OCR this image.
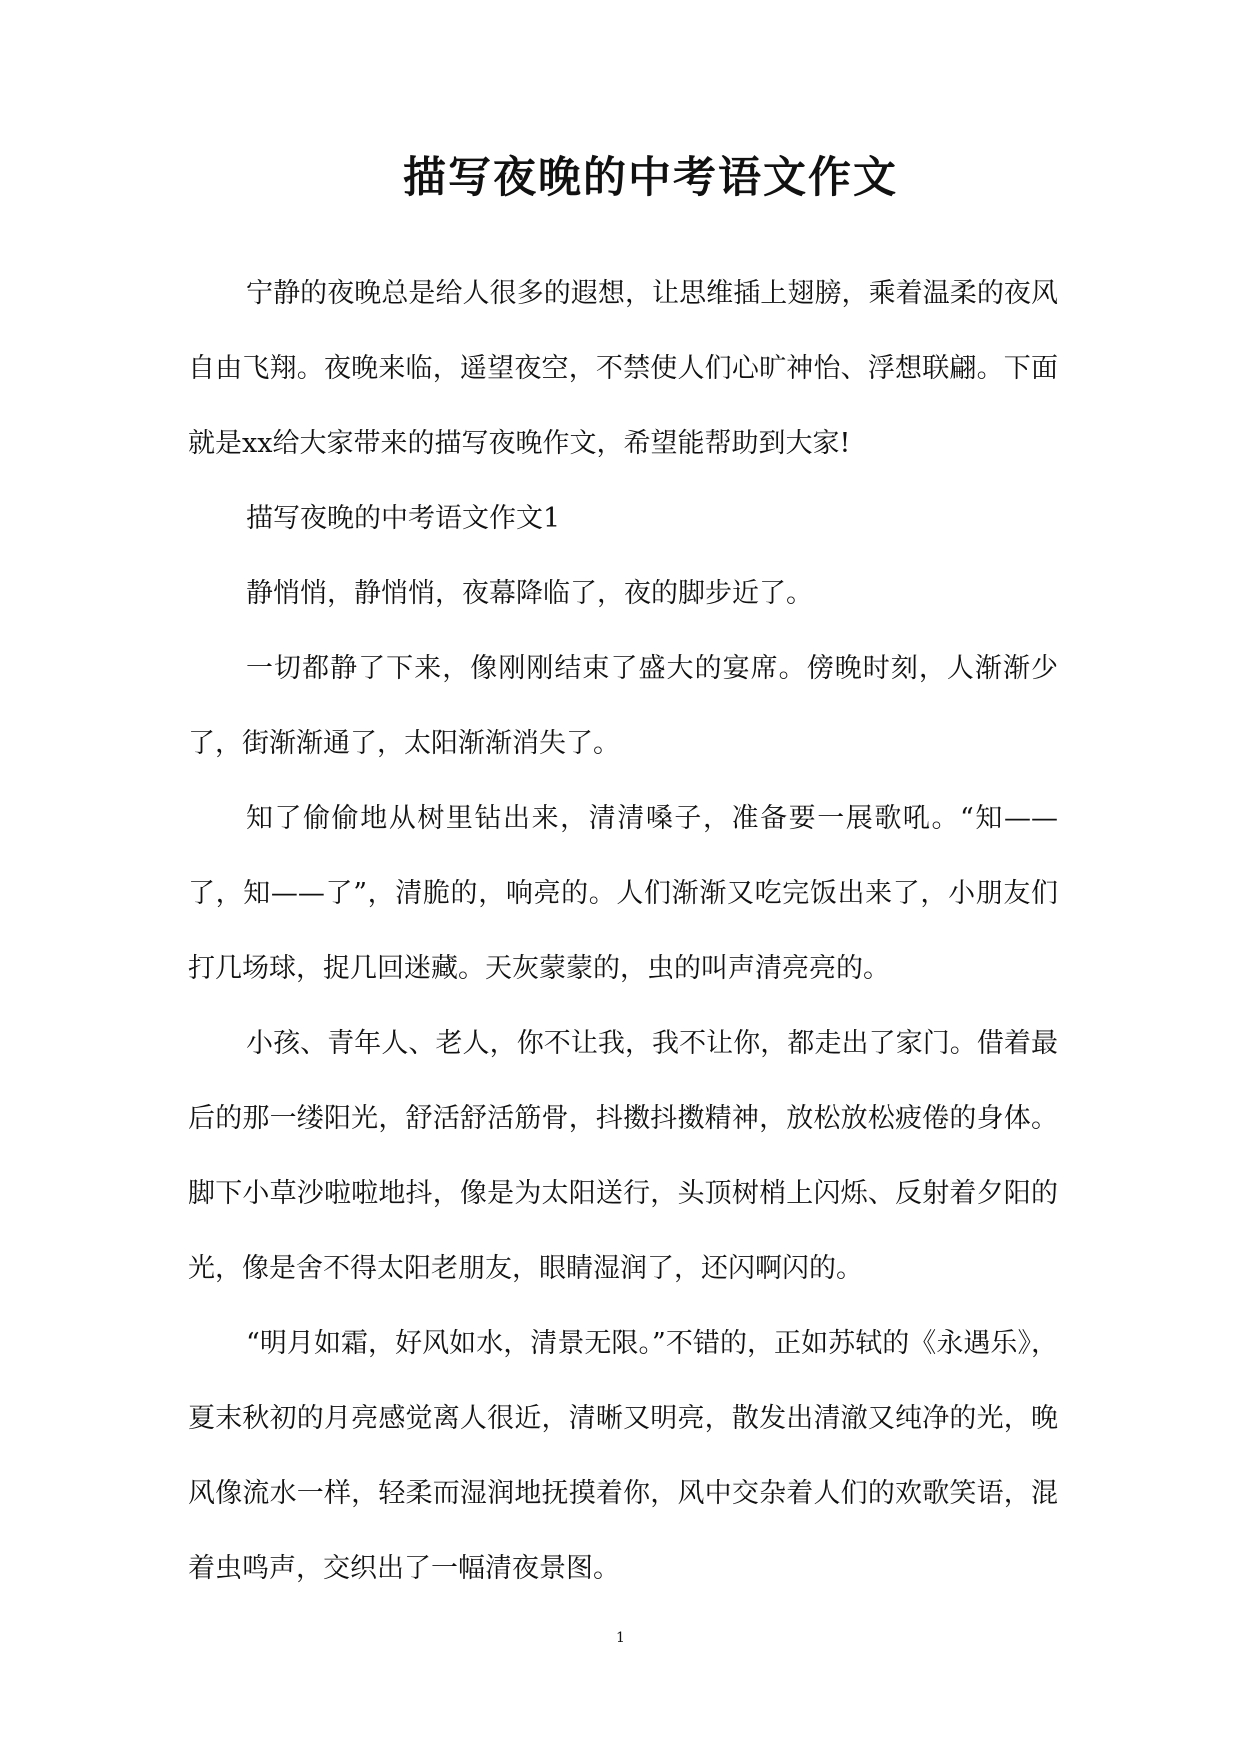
描写夜晚的中考语文作文

宁静的夜晚总是给人很多的遐想，让思维插上翅膀，乘着温柔的夜风自由飞翔。夜晚来临，遥望夜空，不禁使人们心旷神怡、浮想联翩。下面就是xx给大家带来的描写夜晚作文，希望能帮助到大家!

描写夜晚的中考语文作文1

静悄悄，静悄悄，夜幕降临了，夜的脚步近了。

一切都静了下来，像刚刚结束了盛大的宴席。傍晚时刻，人渐渐少了，街渐渐通了，太阳渐渐消失了。

知了偷偷地从树里钻出来，清清嗓子，准备要一展歌吼。“知——了，知——了”，清脆的，响亮的。人们渐渐又吃完饭出来了，小朋友们打几场球，捉几回迷藏。天灰蒙蒙的，虫的叫声清亮亮的。

小孩、青年人、老人，你不让我，我不让你，都走出了家门。借着最后的那一缕阳光，舒活舒活筋骨，抖擞抖擞精神，放松放松疲倦的身体。脚下小草沙啦啦地抖，像是为太阳送行，头顶树梢上闪烁、反射着夕阳的光，像是舍不得太阳老朋友，眼睛湿润了，还闪啊闪的。

“明月如霜，好风如水，清景无限。”不错的，正如苏轼的《永遇乐》，夏末秋初的月亮感觉离人很近，清晰又明亮，散发出清澈又纯净的光，晚风像流水一样，轻柔而湿润地抚摸着你，风中交杂着人们的欢歌笑语，混着虫鸣声，交织出了一幅清夜景图。

1
